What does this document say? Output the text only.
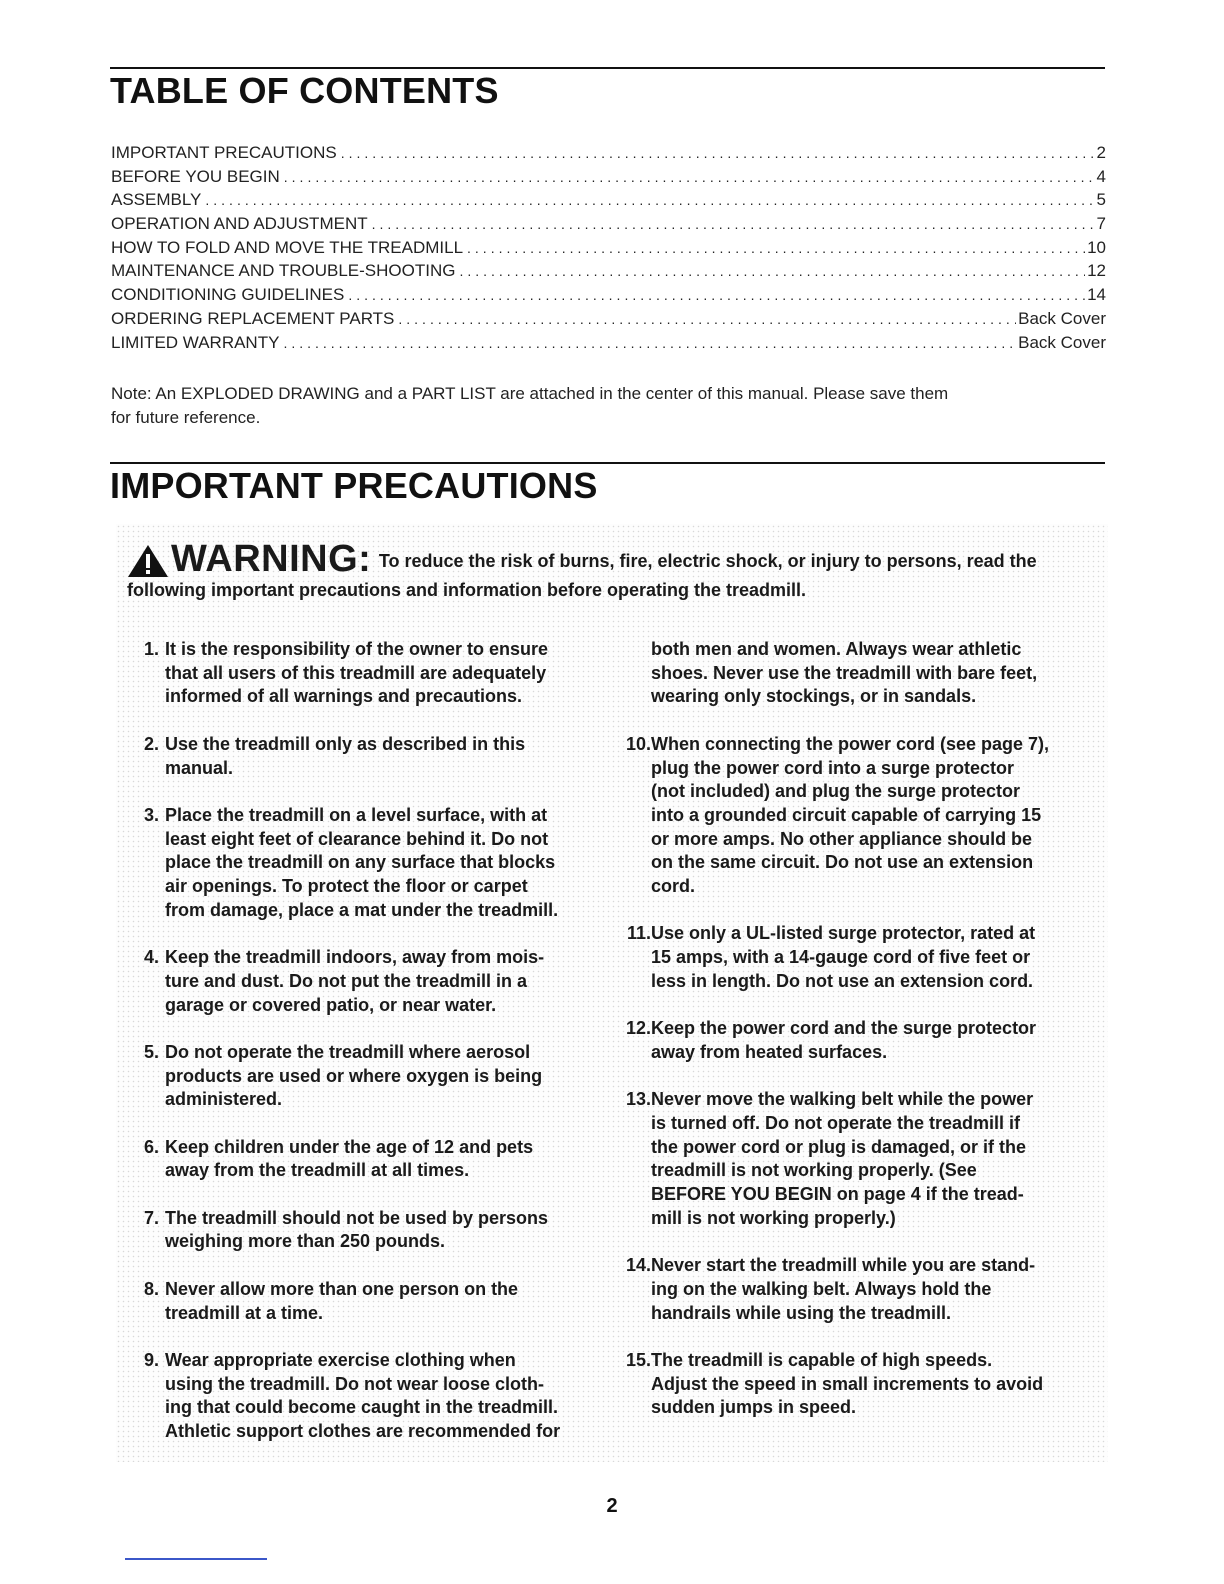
TABLE OF CONTENTS
IMPORTANT PRECAUTIONS .....	2
BEFORE YOU BEGIN .....	4
ASSEMBLY .....	5
OPERATION AND ADJUSTMENT .....	7
HOW TO FOLD AND MOVE THE TREADMILL .....	10
MAINTENANCE AND TROUBLE-SHOOTING .....	12
CONDITIONING GUIDELINES .....	14
ORDERING REPLACEMENT PARTS .....	Back Cover
LIMITED WARRANTY .....	Back Cover

Note: An EXPLODED DRAWING and a PART LIST are attached in the center of this manual. Please save them
for future reference.

IMPORTANT PRECAUTIONS
WARNING : To reduce the risk of burns, fire, electric shock, or injury to persons, read the
following important precautions and information before operating the treadmill.
1. It is the responsibility of the owner to ensure
that all users of this treadmill are adequately
informed of all warnings and precautions.
2. Use the treadmill only as described in this
manual.
3. Place the treadmill on a level surface, with at
least eight feet of clearance behind it. Do not
place the treadmill on any surface that blocks
air openings. To protect the floor or carpet
from damage, place a mat under the treadmill.
4. Keep the treadmill indoors, away from mois-
ture and dust. Do not put the treadmill in a
garage or covered patio, or near water.
5. Do not operate the treadmill where aerosol
products are used or where oxygen is being
administered.
6. Keep children under the age of 12 and pets
away from the treadmill at all times.
7. The treadmill should not be used by persons
weighing more than 250 pounds.
8. Never allow more than one person on the
treadmill at a time.
9. Wear appropriate exercise clothing when
using the treadmill. Do not wear loose cloth-
ing that could become caught in the treadmill.
Athletic support clothes are recommended for
both men and women. Always wear athletic
shoes. Never use the treadmill with bare feet,
wearing only stockings, or in sandals.
10. When connecting the power cord (see page 7),
plug the power cord into a surge protector
(not included) and plug the surge protector
into a grounded circuit capable of carrying 15
or more amps. No other appliance should be
on the same circuit. Do not use an extension
cord.
11. Use only a UL-listed surge protector, rated at
15 amps, with a 14-gauge cord of five feet or
less in length. Do not use an extension cord.
12. Keep the power cord and the surge protector
away from heated surfaces.
13. Never move the walking belt while the power
is turned off. Do not operate the treadmill if
the power cord or plug is damaged, or if the
treadmill is not working properly. (See
BEFORE YOU BEGIN on page 4 if the tread-
mill is not working properly.)
14. Never start the treadmill while you are stand-
ing on the walking belt. Always hold the
handrails while using the treadmill.
15. The treadmill is capable of high speeds.
Adjust the speed in small increments to avoid
sudden jumps in speed.
2
